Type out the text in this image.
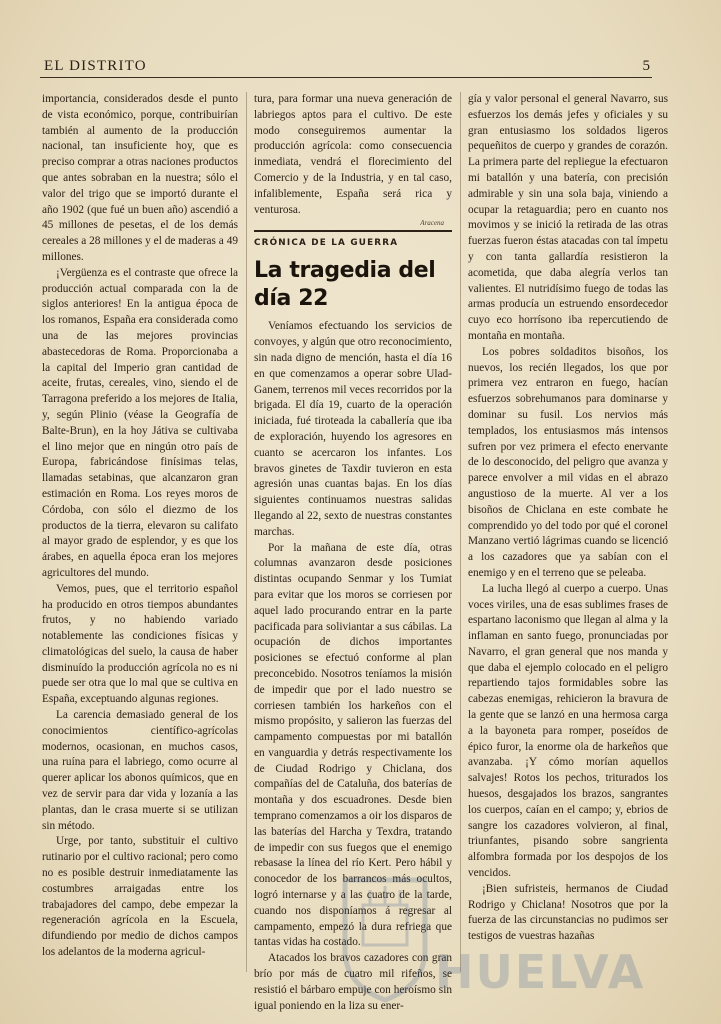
EL DISTRITO	5

importancia, considerados desde el punto de vista económico, porque, contribuirían también al aumento de la producción nacional, tan insuficiente hoy, que es preciso comprar a otras naciones productos que antes sobraban en la nuestra; sólo el valor del trigo que se importó durante el año 1902 (que fué un buen año) ascendió a 45 millones de pesetas, el de los demás cereales a 28 millones y el de maderas a 49 millones.

¡Vergüenza es el contraste que ofrece la producción actual comparada con la de siglos anteriores! En la antigua época de los romanos, España era considerada como una de las mejores provincias abastecedoras de Roma. Proporcionaba a la capital del Imperio gran cantidad de aceite, frutas, cereales, vino, siendo el de Tarragona preferido a los mejores de Italia, y, según Plinio (véase la Geografía de Balte-Brun), en la hoy Játiva se cultivaba el lino mejor que en ningún otro país de Europa, fabricándose finísimas telas, llamadas setabinas, que alcanzaron gran estimación en Roma. Los reyes moros de Córdoba, con sólo el diezmo de los productos de la tierra, elevaron su califato al mayor grado de esplendor, y es que los árabes, en aquella época eran los mejores agricultores del mundo.

Vemos, pues, que el territorio español ha producido en otros tiempos abundantes frutos, y no habiendo variado notablemente las condiciones físicas y climatológicas del suelo, la causa de haber disminuído la producción agrícola no es ni puede ser otra que lo mal que se cultiva en España, exceptuando algunas regiones.

La carencia demasiado general de los conocimientos científico-agrícolas modernos, ocasionan, en muchos casos, una ruína para el labriego, como ocurre al querer aplicar los abonos químicos, que en vez de servir para dar vida y lozanía a las plantas, dan le crasa muerte si se utilizan sin método.

Urge, por tanto, substituir el cultivo rutinario por el cultivo racional; pero como no es posible destruir inmediatamente las costumbres arraigadas entre los trabajadores del campo, debe empezar la regeneración agrícola en la Escuela, difundiendo por medio de dichos campos los adelantos de la moderna agricul-

tura, para formar una nueva generación de labriegos aptos para el cultivo. De este modo conseguiremos aumentar la producción agrícola: como consecuencia inmediata, vendrá el florecimiento del Comercio y de la Industria, y en tal caso, infaliblemente, España será rica y venturosa.

Aracena
CRÓNICA DE LA GUERRA
La tragedia del día 22

Veníamos efectuando los servicios de convoyes, y algún que otro reconocimiento, sin nada digno de mención, hasta el día 16 en que comenzamos a operar sobre Ulad-Ganem, terrenos mil veces recorridos por la brigada. El día 19, cuarto de la operación iniciada, fué tiroteada la caballería que iba de exploración, huyendo los agresores en cuanto se acercaron los infantes. Los bravos ginetes de Taxdir tuvieron en esta agresión unas cuantas bajas. En los días siguientes continuamos nuestras salidas llegando al 22, sexto de nuestras constantes marchas.

Por la mañana de este día, otras columnas avanzaron desde posiciones distintas ocupando Senmar y los Tumiat para evitar que los moros se corriesen por aquel lado procurando entrar en la parte pacificada para soliviantar a sus cábilas. La ocupación de dichos importantes posiciones se efectuó conforme al plan preconcebido. Nosotros teníamos la misión de impedir que por el lado nuestro se corriesen también los harkeños con el mismo propósito, y salieron las fuerzas del campamento compuestas por mi batallón en vanguardia y detrás respectivamente los de Ciudad Rodrigo y Chiclana, dos compañías del de Cataluña, dos baterías de montaña y dos escuadrones. Desde bien temprano comenzamos a oir los disparos de las baterías del Harcha y Texdra, tratando de impedir con sus fuegos que el enemigo rebasase la línea del río Kert. Pero hábil y conocedor de los barrancos más ocultos, logró internarse y a las cuatro de la tarde, cuando nos disponíamos á regresar al campamento, empezó la dura refriega que tantas vidas ha costado.

Atacados los bravos cazadores con gran brío por más de cuatro mil rifeños, se resistió el bárbaro empuje con heroísmo sin igual poniendo en la liza su ener-

gía y valor personal el general Navarro, sus esfuerzos los demás jefes y oficiales y su gran entusiasmo los soldados ligeros pequeñitos de cuerpo y grandes de corazón. La primera parte del repliegue la efectuaron mi batallón y una batería, con precisión admirable y sin una sola baja, viniendo a ocupar la retaguardia; pero en cuanto nos movimos y se inició la retirada de las otras fuerzas fueron éstas atacadas con tal ímpetu y con tanta gallardía resistieron la acometida, que daba alegría verlos tan valientes. El nutridísimo fuego de todas las armas producía un estruendo ensordecedor cuyo eco horrísono iba repercutiendo de montaña en montaña.

Los pobres soldaditos bisoños, los nuevos, los recién llegados, los que por primera vez entraron en fuego, hacían esfuerzos sobrehumanos para dominarse y dominar su fusil. Los nervios más templados, los entusiasmos más intensos sufren por vez primera el efecto enervante de lo desconocido, del peligro que avanza y parece envolver a mil vidas en el abrazo angustioso de la muerte. Al ver a los bisoños de Chiclana en este combate he comprendido yo del todo por qué el coronel Manzano vertió lágrimas cuando se licenció a los cazadores que ya sabían con el enemigo y en el terreno que se peleaba.

La lucha llegó al cuerpo a cuerpo. Unas voces viriles, una de esas sublimes frases de espartano laconismo que llegan al alma y la inflaman en santo fuego, pronunciadas por Navarro, el gran general que nos manda y que daba el ejemplo colocado en el peligro repartiendo tajos formidables sobre las cabezas enemigas, rehicieron la bravura de la gente que se lanzó en una hermosa carga a la bayoneta para romper, poseídos de épico furor, la enorme ola de harkeños que avanzaba. ¡Y cómo morían aquellos salvajes! Rotos los pechos, triturados los huesos, desgajados los brazos, sangrantes los cuerpos, caían en el campo; y, ebrios de sangre los cazadores volvieron, al final, triunfantes, pisando sobre sangrienta alfombra formada por los despojos de los vencidos.

¡Bien sufristeis, hermanos de Ciudad Rodrigo y Chiclana! Nosotros que por la fuerza de las circunstancias no pudimos ser testigos de vuestras hazañas

HUELVA
